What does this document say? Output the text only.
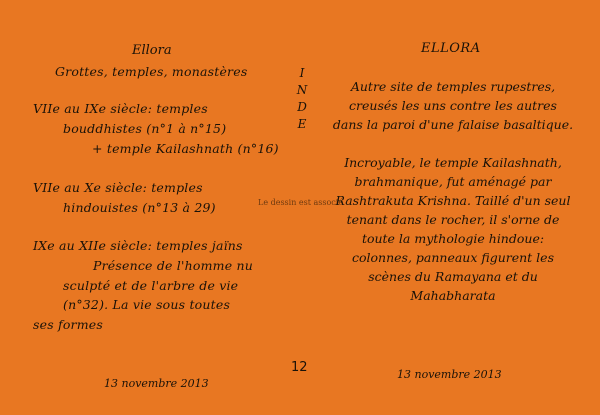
Ellora
Grottes, temples, monastères
VIIe au IXe siècle: temples
bouddhistes (n°1 à n°15)
+ temple Kailashnath (n°16)
VIIe au Xe siècle: temples
hindouistes (n°13 à 29)
IXe au XIIe siècle: temples jaïns
Présence de l'homme nu
sculpté et de l'arbre de vie
(n°32). La vie sous toutes
ses formes
13 novembre 2013
I
N
D
E
Le dessin est associé
12
ELLORA
Autre site de temples rupestres,
creusés les uns contre les autres
dans la paroi d'une falaise basaltique.
Incroyable, le temple Kailashnath,
brahmanique, fut aménagé par
Rashtrakuta Krishna. Taillé d'un seul
tenant dans le rocher, il s'orne de
toute la mythologie hindoue:
colonnes, panneaux figurent les
scènes du Ramayana et du
Mahabharata
13 novembre 2013
